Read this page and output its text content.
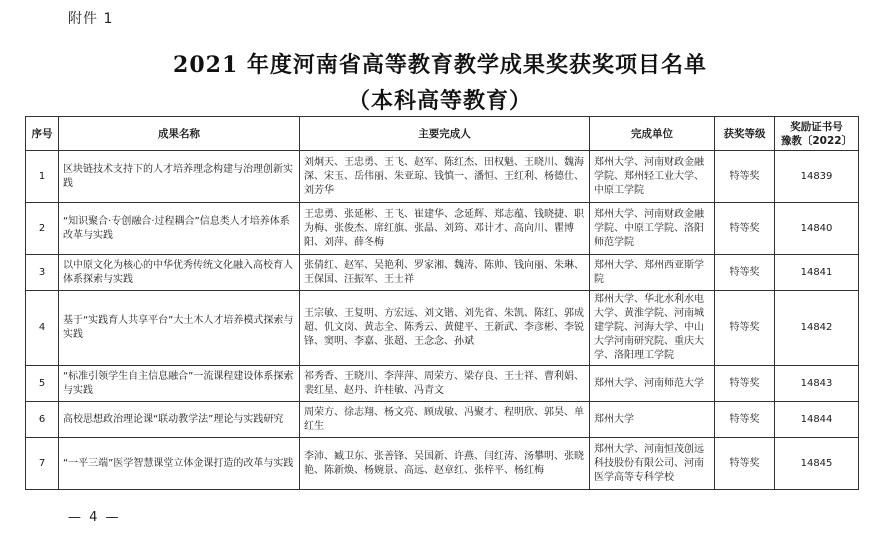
附件 1
2021 年度河南省高等教育教学成果奖获奖项目名单
（本科高等教育）
序号	成果名称	主要完成人	完成单位	获奖等级	奖励证书号
豫教〔2022〕

1	区块链技术支持下的人才培养理念构建与治理创新实践	刘炯天、王忠勇、王飞、赵军、陈红杰、田权魁、王晓川、魏海深、宋玉、岳伟丽、朱亚琼、钱慎一、潘恒、王红利、杨德仕、刘芳华	郑州大学、河南财政金融学院、郑州轻工业大学、中原工学院	特等奖	14839
2	“知识聚合·专创融合·过程耦合”信息类人才培养体系改革与实践	王忠勇、张延彬、王飞、崔建华、念延辉、郑志蕴、钱晓捷、职为梅、张俊杰、席红旗、张晶、刘筠、邓计才、高向川、瞿博阳、刘萍、薛冬梅	郑州大学、河南财政金融学院、中原工学院、洛阳师范学院	特等奖	14840
3	以中原文化为核心的中华优秀传统文化融入高校育人体系探索与实践	张倩红、赵军、吴艳利、罗家湘、魏涛、陈帅、钱向丽、朱琳、王保国、汪振军、王士祥	郑州大学、郑州西亚斯学院	特等奖	14841
4	基于“实践育人共享平台”大土木人才培养模式探索与实践	王宗敏、王复明、方宏远、刘文锴、刘先省、朱凯、陈红、郭成超、仉文岗、黄志全、陈秀云、黄健平、王新武、李彦彬、李锐锋、窦明、李嘉、张超、王念念、孙斌	郑州大学、华北水利水电大学、黄淮学院、河南城建学院、河海大学、中山大学河南研究院、重庆大学、洛阳理工学院	特等奖	14842
5	“标准引领学生自主信息融合”一流课程建设体系探索与实践	祁秀香、王晓川、李萍萍、周荣方、梁存良、王士祥、曹利娟、裴红星、赵丹、许桂敏、冯青文	郑州大学、河南师范大学	特等奖	14843
6	高校思想政治理论课“联动教学法”理论与实践研究	周荣方、徐志翔、杨文亮、顾成敏、冯聚才、程明欣、郭昊、单红生	郑州大学	特等奖	14844
7	“一平三端”医学智慧课堂立体金课打造的改革与实践	李沛、臧卫东、张善锋、吴国新、许燕、闫红涛、汤攀明、张晓艳、陈新焕、杨婉景、高远、赵章红、张梓平、杨红梅	郑州大学、河南恒茂创远科技股份有限公司、河南医学高等专科学校	特等奖	14845
— 4 —
